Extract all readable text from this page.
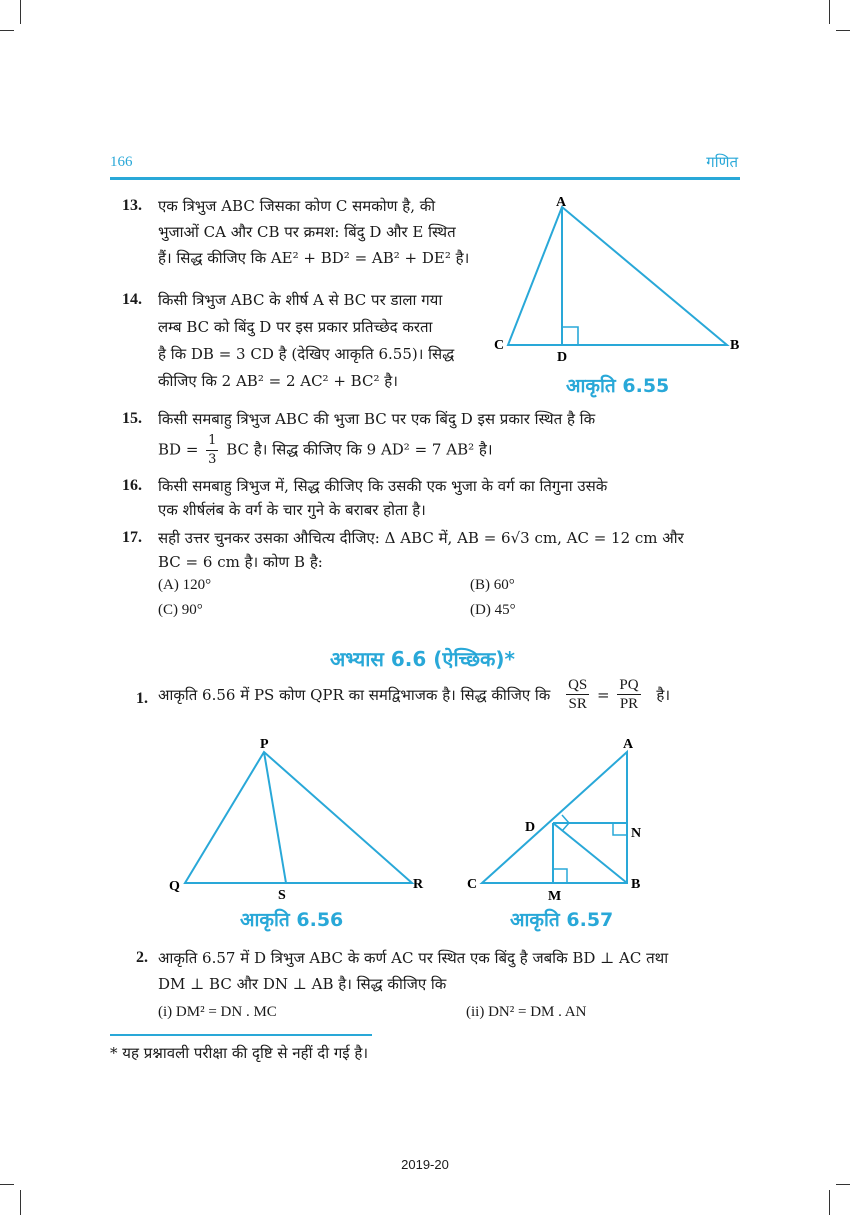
166	गणित
13. एक त्रिभुज ABC जिसका कोण C समकोण है, की
भुजाओं CA और CB पर क्रमश: बिंदु D और E स्थित
हैं। सिद्ध कीजिए कि AE² + BD² = AB² + DE² है।
14. किसी त्रिभुज ABC के शीर्ष A से BC पर डाला गया
लम्ब BC को बिंदु D पर इस प्रकार प्रतिच्छेद करता
है कि DB = 3 CD है (देखिए आकृति 6.55)। सिद्ध
कीजिए कि 2 AB² = 2 AC² + BC² है।
A
C	B
D
आकृति 6.55
15. किसी समबाहु त्रिभुज ABC की भुजा BC पर एक बिंदु D इस प्रकार स्थित है कि
BD = $\frac{1}{3}$ BC है। सिद्ध कीजिए कि 9 AD² = 7 AB² है।
16. किसी समबाहु त्रिभुज में, सिद्ध कीजिए कि उसकी एक भुजा के वर्ग का तिगुना उसके
एक शीर्षलंब के वर्ग के चार गुने के बराबर होता है।
17. सही उत्तर चुनकर उसका औचित्य दीजिए: Δ ABC में, AB = 6√3 cm, AC = 12 cm और
BC = 6 cm है। कोण B है:
(A) 120°	(B) 60°
(C) 90°	(D) 45°
अभ्यास 6.6 (ऐच्छिक)*
1. आकृति 6.56 में PS कोण QPR का समद्विभाजक है। सिद्ध कीजिए कि $\frac{QS}{SR} = \frac{PQ}{PR}$ है।
P
Q	R
S
आकृति 6.56
A
C	B
D
M
N
आकृति 6.57
2. आकृति 6.57 में D त्रिभुज ABC के कर्ण AC पर स्थित एक बिंदु है जबकि BD ⊥ AC तथा
DM ⊥ BC और DN ⊥ AB है। सिद्ध कीजिए कि
(i) DM² = DN . MC	(ii) DN² = DM . AN
* यह प्रश्नावली परीक्षा की दृष्टि से नहीं दी गई है।
2019-20
